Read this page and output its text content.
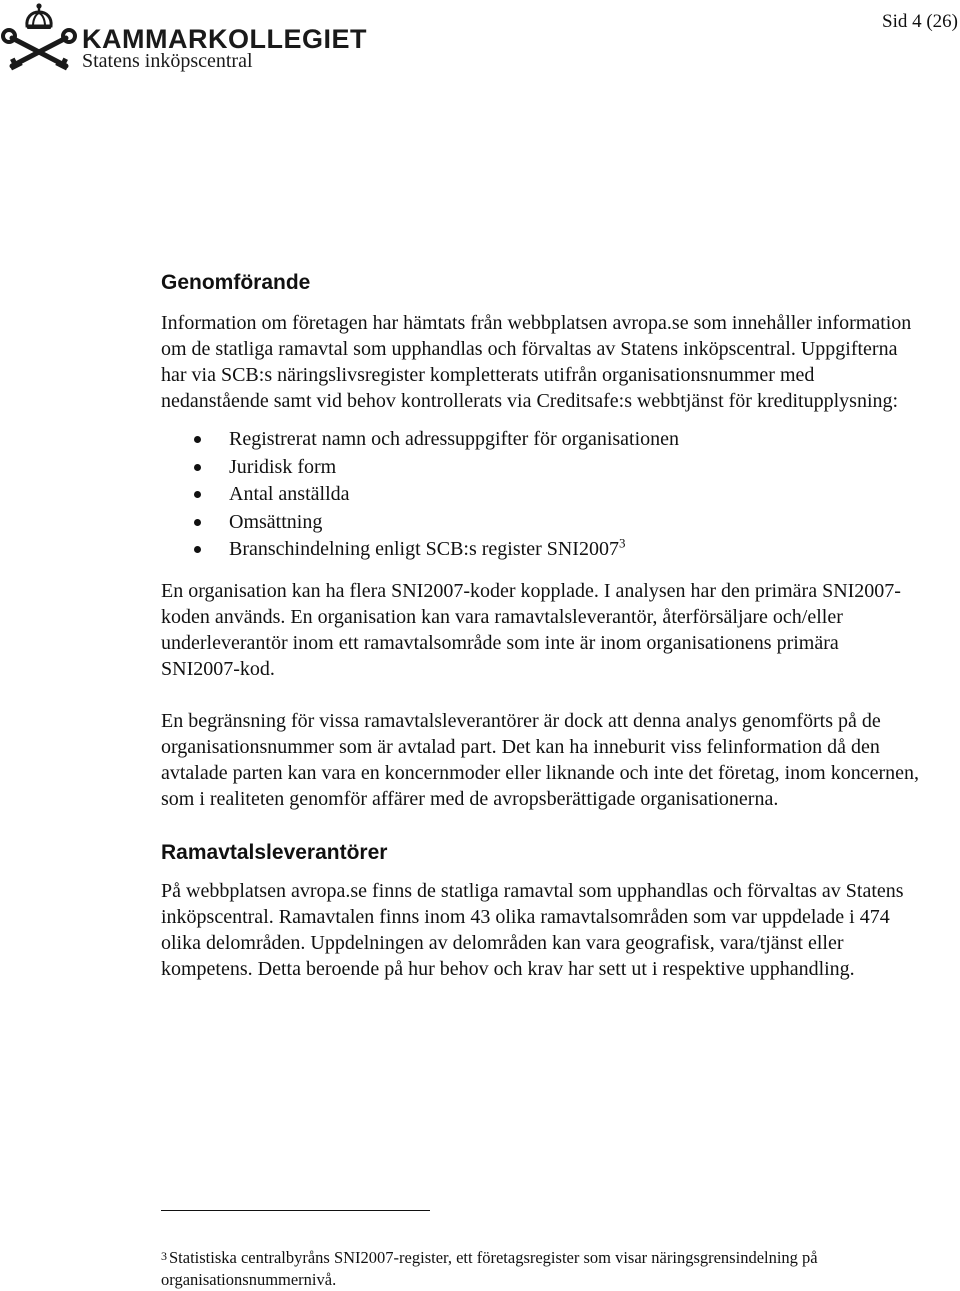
KAMMARKOLLEGIET
Statens inköpscentral
Sid 4 (26)
Genomförande

Information om företagen har hämtats från webbplatsen avropa.se som innehåller information om de statliga ramavtal som upphandlas och förvaltas av Statens inköpscentral. Uppgifterna har via SCB:s näringslivsregister kompletterats utifrån organisationsnummer med nedanstående samt vid behov kontrollerats via Creditsafe:s webbtjänst för kreditupplysning:

Registrerat namn och adressuppgifter för organisationen
Juridisk form
Antal anställda
Omsättning
Branschindelning enligt SCB:s register SNI2007$^3$

En organisation kan ha flera SNI2007-koder kopplade. I analysen har den primära SNI2007-koden används. En organisation kan vara ramavtalsleverantör, återförsäljare och/eller underleverantör inom ett ramavtalsområde som inte är inom organisationens primära SNI2007-kod.

En begränsning för vissa ramavtalsleverantörer är dock att denna analys genomförts på de organisationsnummer som är avtalad part. Det kan ha inneburit viss felinformation då den avtalade parten kan vara en koncernmoder eller liknande och inte det företag, inom koncernen, som i realiteten genomför affärer med de avropsberättigade organisationerna.

Ramavtalsleverantörer

På webbplatsen avropa.se finns de statliga ramavtal som upphandlas och förvaltas av Statens inköpscentral. Ramavtalen finns inom 43 olika ramavtalsområden som var uppdelade i 474 olika delområden. Uppdelningen av delområden kan vara geografisk, vara/tjänst eller kompetens. Detta beroende på hur behov och krav har sett ut i respektive upphandling.

3 Statistiska centralbyråns SNI2007-register, ett företagsregister som visar näringsgrensindelning på organisationsnummernivå.
